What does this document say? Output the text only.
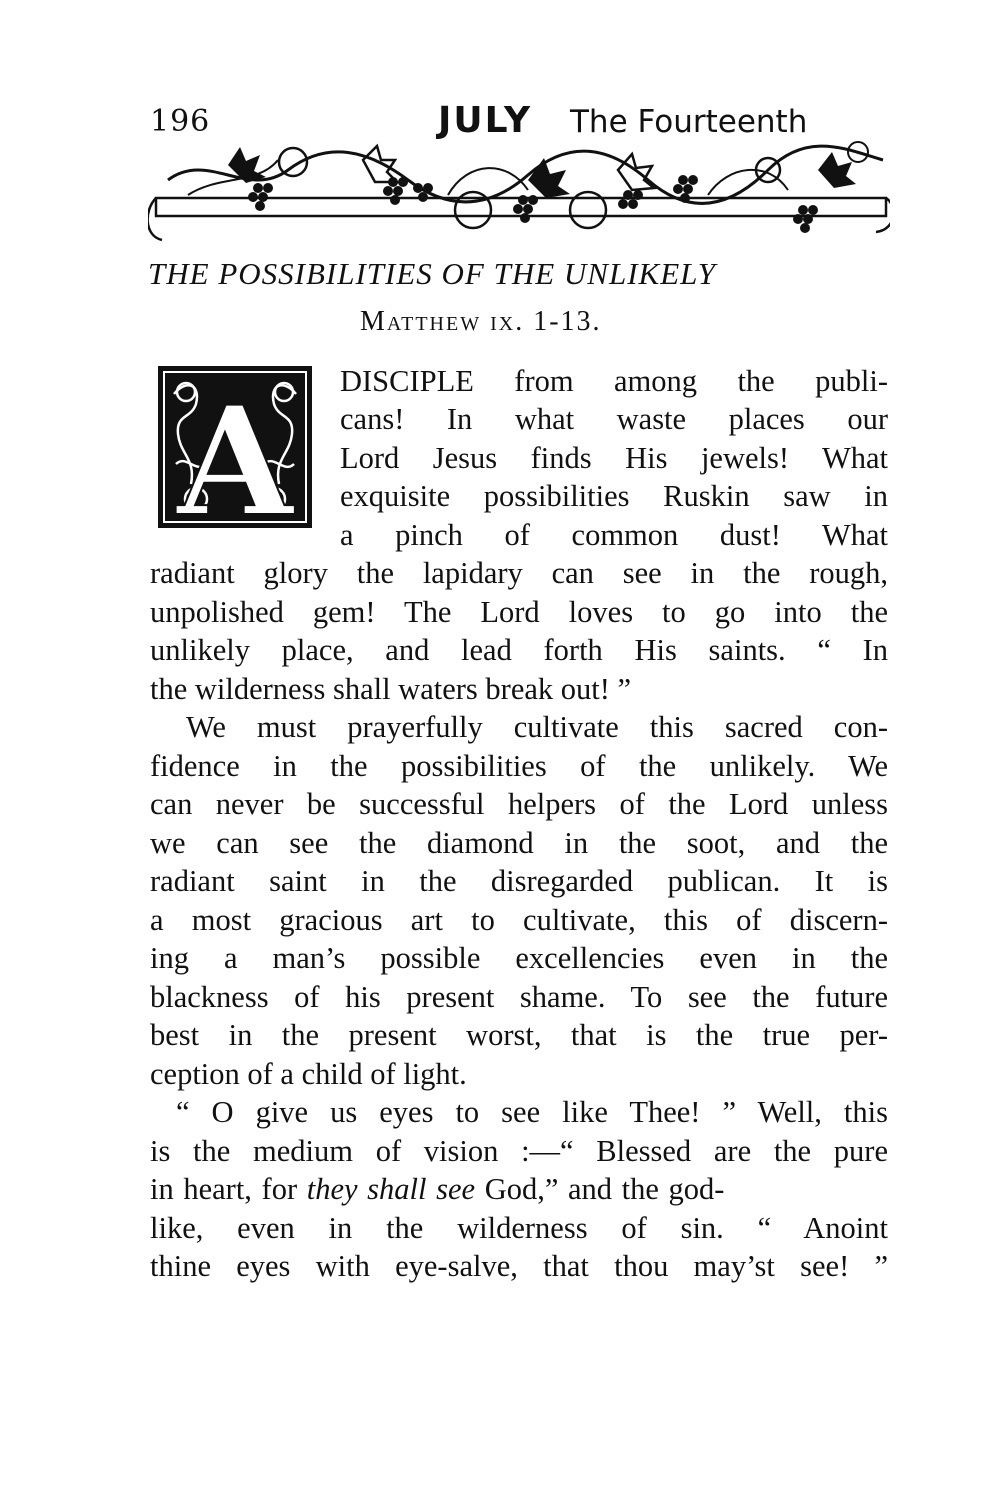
196	JULY The Fourteenth
THE POSSIBILITIES OF THE UNLIKELY
Matthew ix. 1-13.
A DISCIPLE from among the publi-
cans! In what waste places our
Lord Jesus finds His jewels! What
exquisite possibilities Ruskin saw in
a pinch of common dust! What
radiant glory the lapidary can see in the rough,
unpolished gem! The Lord loves to go into the
unlikely place, and lead forth His saints. “ In
the wilderness shall waters break out! ”
We must prayerfully cultivate this sacred con-
fidence in the possibilities of the unlikely. We
can never be successful helpers of the Lord unless
we can see the diamond in the soot, and the
radiant saint in the disregarded publican. It is
a most gracious art to cultivate, this of discern-
ing a man’s possible excellencies even in the
blackness of his present shame. To see the future
best in the present worst, that is the true per-
ception of a child of light.
“ O give us eyes to see like Thee! ” Well, this
is the medium of vision :—“ Blessed are the pure
in heart, for they shall see God,” and the god-
like, even in the wilderness of sin. “ Anoint
thine eyes with eye-salve, that thou may’st see! ”
